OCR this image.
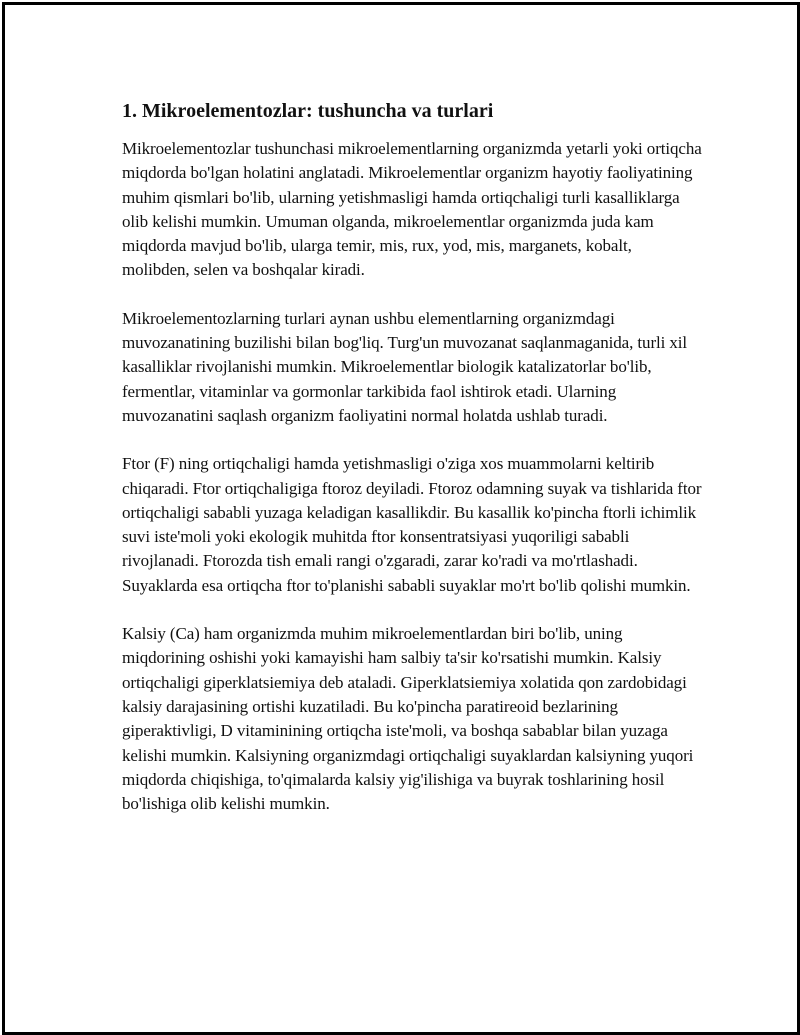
1. Mikroelementozlar: tushuncha va turlari

Mikroelementozlar tushunchasi mikroelementlarning organizmda yetarli yoki ortiqcha miqdorda bo'lgan holatini anglatadi. Mikroelementlar organizm hayotiy faoliyatining muhim qismlari bo'lib, ularning yetishmasligi hamda ortiqchaligi turli kasalliklarga olib kelishi mumkin. Umuman olganda, mikroelementlar organizmda juda kam miqdorda mavjud bo'lib, ularga temir, mis, rux, yod, mis, marganets, kobalt, molibden, selen va boshqalar kiradi.

Mikroelementozlarning turlari aynan ushbu elementlarning organizmdagi muvozanatining buzilishi bilan bog'liq. Turg'un muvozanat saqlanmaganida, turli xil kasalliklar rivojlanishi mumkin. Mikroelementlar biologik katalizatorlar bo'lib, fermentlar, vitaminlar va gormonlar tarkibida faol ishtirok etadi. Ularning muvozanatini saqlash organizm faoliyatini normal holatda ushlab turadi.

Ftor (F) ning ortiqchaligi hamda yetishmasligi o'ziga xos muammolarni keltirib chiqaradi. Ftor ortiqchaligiga ftoroz deyiladi. Ftoroz odamning suyak va tishlarida ftor ortiqchaligi sababli yuzaga keladigan kasallikdir. Bu kasallik ko'pincha ftorli ichimlik suvi iste'moli yoki ekologik muhitda ftor konsentratsiyasi yuqoriligi sababli rivojlanadi. Ftorozda tish emali rangi o'zgaradi, zarar ko'radi va mo'rtlashadi. Suyaklarda esa ortiqcha ftor to'planishi sababli suyaklar mo'rt bo'lib qolishi mumkin.

Kalsiy (Ca) ham organizmda muhim mikroelementlardan biri bo'lib, uning miqdorining oshishi yoki kamayishi ham salbiy ta'sir ko'rsatishi mumkin. Kalsiy ortiqchaligi giperklatsiemiya deb ataladi. Giperklatsiemiya xolatida qon zardobidagi kalsiy darajasining ortishi kuzatiladi. Bu ko'pincha paratireoid bezlarining giperaktivligi, D vitaminining ortiqcha iste'moli, va boshqa sabablar bilan yuzaga kelishi mumkin. Kalsiyning organizmdagi ortiqchaligi suyaklardan kalsiyning yuqori miqdorda chiqishiga, to'qimalarda kalsiy yig'ilishiga va buyrak toshlarining hosil bo'lishiga olib kelishi mumkin.
